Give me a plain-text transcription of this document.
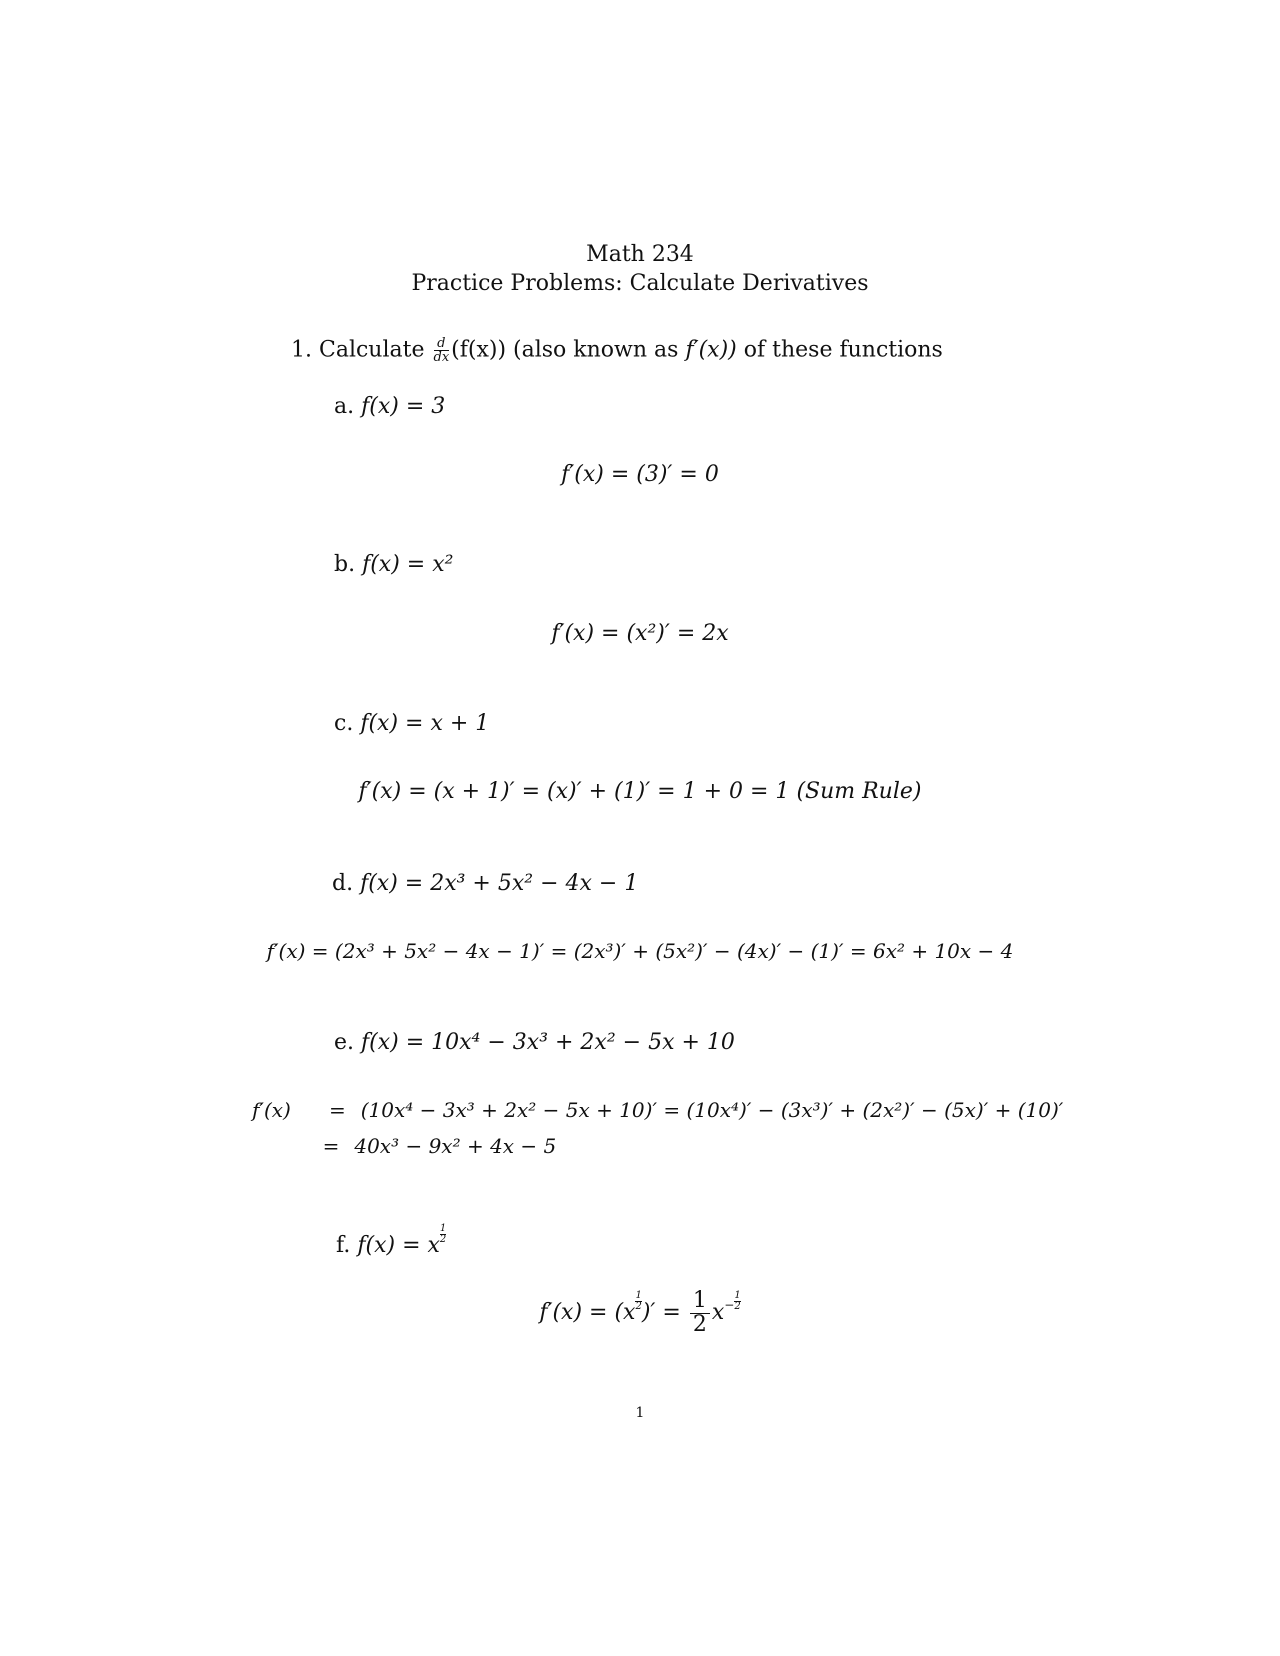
Math 234
Practice Problems: Calculate Derivatives
1. Calculate $\frac{d}{dx} (f(x))$ (also known as f′(x)) of these functions
a. f(x) = 3
f′(x) = (3)′ = 0
b. f(x) = x²
f′(x) = (x²)′ = 2x
c. f(x) = x + 1
f′(x) = (x + 1)′ = (x)′ + (1)′ = 1 + 0 = 1 (Sum Rule)
d. f(x) = 2x³ + 5x² − 4x − 1
f′(x) = (2x³ + 5x² − 4x − 1)′ = (2x³)′ + (5x²)′ − (4x)′ − (1)′ = 6x² + 10x − 4
e. f(x) = 10x⁴ − 3x³ + 2x² − 5x + 10
f′(x) = (10x⁴ − 3x³ + 2x² − 5x + 10)′ = (10x⁴)′ − (3x³)′ + (2x²)′ − (5x)′ + (10)′
= 40x³ − 9x² + 4x − 5
f. f(x) = x $\frac{1}{2}$
$f'(x) = (x \frac{1}{2}$ )′ = $\frac{1}{2} x^- \frac{1}{2}$
1
